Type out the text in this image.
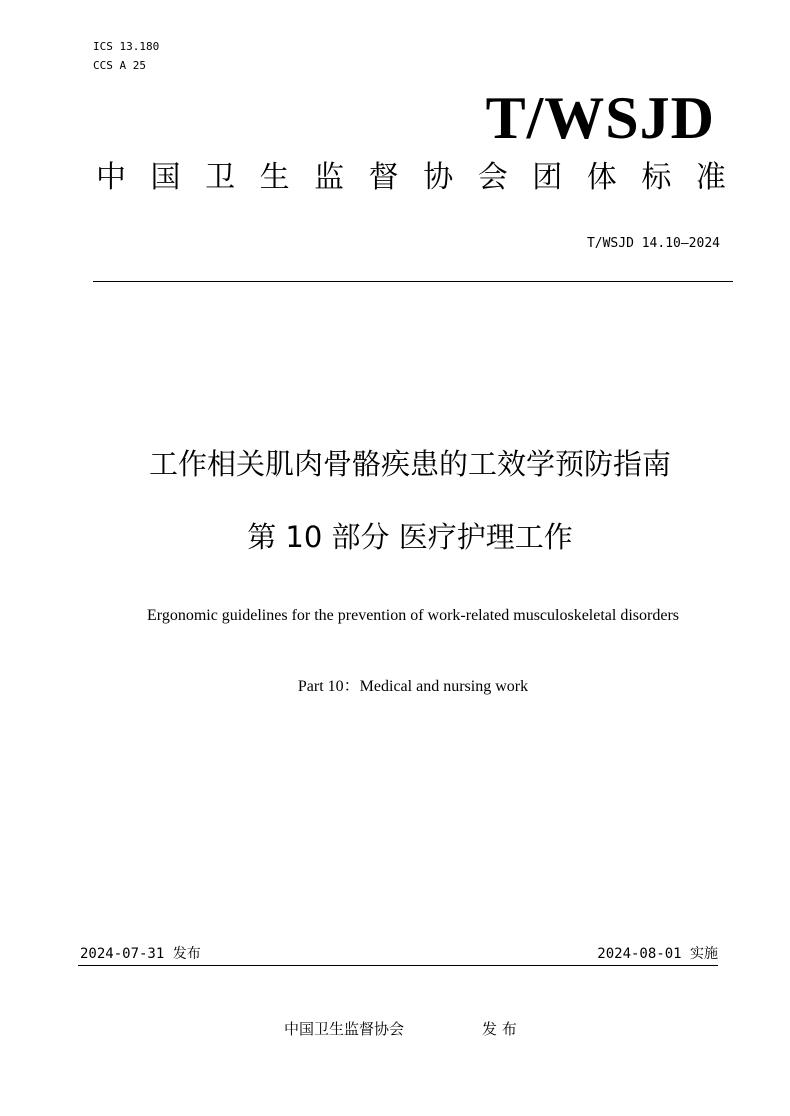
ICS 13.180
CCS A 25
T/WSJD
中 国 卫 生 监 督 协 会 团 体 标 准
T/WSJD 14.10—2024
工作相关肌肉骨骼疾患的工效学预防指南
第 10 部分 医疗护理工作
Ergonomic guidelines for the prevention of work-related musculoskeletal disorders
Part 10：Medical and nursing work
2024-07-31 发布	2024-08-01 实施
中国卫生监督协会	发 布
